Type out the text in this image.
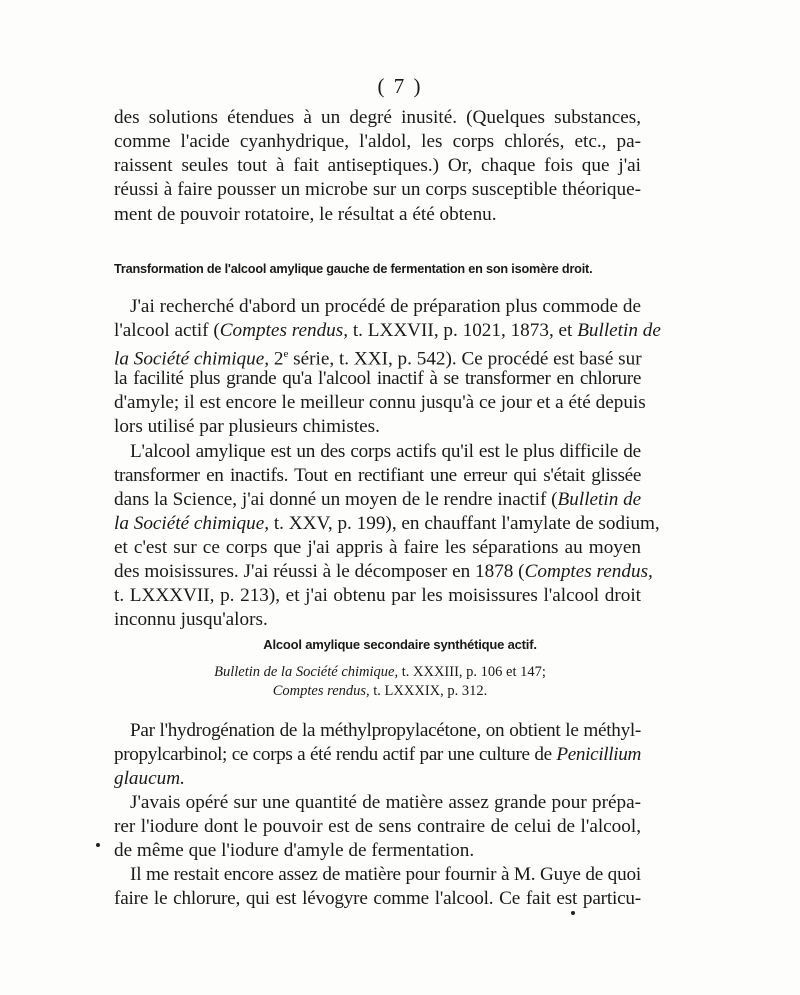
( 7 )
des solutions étendues à un degré inusité. (Quelques substances,
comme l'acide cyanhydrique, l'aldol, les corps chlorés, etc., pa-
raissent seules tout à fait antiseptiques.) Or, chaque fois que j'ai
réussi à faire pousser un microbe sur un corps susceptible théorique-
ment de pouvoir rotatoire, le résultat a été obtenu.
Transformation de l'alcool amylique gauche de fermentation en son isomère droit.
J'ai recherché d'abord un procédé de préparation plus commode de
l'alcool actif (Comptes rendus, t. LXXVII, p. 1021, 1873, et Bulletin de
la Société chimique, 2e série, t. XXI, p. 542). Ce procédé est basé sur
la facilité plus grande qu'a l'alcool inactif à se transformer en chlorure
d'amyle; il est encore le meilleur connu jusqu'à ce jour et a été depuis
lors utilisé par plusieurs chimistes.
L'alcool amylique est un des corps actifs qu'il est le plus difficile de
transformer en inactifs. Tout en rectifiant une erreur qui s'était glissée
dans la Science, j'ai donné un moyen de le rendre inactif (Bulletin de
la Société chimique, t. XXV, p. 199), en chauffant l'amylate de sodium,
et c'est sur ce corps que j'ai appris à faire les séparations au moyen
des moisissures. J'ai réussi à le décomposer en 1878 (Comptes rendus,
t. LXXXVII, p. 213), et j'ai obtenu par les moisissures l'alcool droit
inconnu jusqu'alors.
Alcool amylique secondaire synthétique actif.
Bulletin de la Société chimique, t. XXXIII, p. 106 et 147;
Comptes rendus, t. LXXXIX, p. 312.
Par l'hydrogénation de la méthylpropylacétone, on obtient le méthyl-
propylcarbinol; ce corps a été rendu actif par une culture de Penicillium
glaucum.
J'avais opéré sur une quantité de matière assez grande pour prépa-
rer l'iodure dont le pouvoir est de sens contraire de celui de l'alcool,
de même que l'iodure d'amyle de fermentation.
Il me restait encore assez de matière pour fournir à M. Guye de quoi
faire le chlorure, qui est lévogyre comme l'alcool. Ce fait est particu-
